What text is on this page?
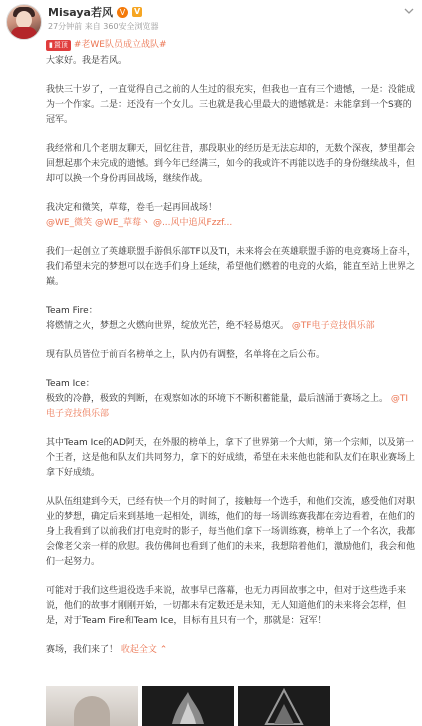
Misaya若风 V	V
27分钟前 来自 360安全浏览器
▮ 置顶 #老WE队员成立战队#

大家好。我是若风。

我快三十岁了，一直觉得自己之前的人生过的很充实，但我也一直有三个遗憾，一是：没能成为一个作家。二是：还没有一个女儿。三也就是我心里最大的遗憾就是：未能拿到一个S赛的冠军。

我经常和几个老朋友聊天，回忆往昔，那段职业的经历是无法忘却的，无数个深夜，梦里都会回想起那个未完成的遗憾。到今年已经满三，如今的我或许不再能以选手的身份继续战斗，但却可以换一个身份再回战场，继续作战。

我决定和微笑，草莓，卷毛一起再回战场！
@WE_微笑 @WE_草莓丶 @...风中追风Fzzf...

我们一起创立了英雄联盟手游俱乐部TF以及TI，未来将会在英雄联盟手游的电竞赛场上奋斗，我们希望未完的梦想可以在选手们身上延续，希望他们燃着的电竞的火焰，能直至站上世界之巅。

Team Fire：
将燃情之火，梦想之火燃向世界，绽放光芒，绝不轻易熄灭。 @TF电子竞技俱乐部

现有队员皆位于前百名榜单之上，队内仍有调整，名单将在之后公布。

Team Ice：
极致的冷静，极致的判断，在观察如冰的环境下不断积蓄能量，最后汹涌于赛场之上。 @TI电子竞技俱乐部

其中Team Ice的AD阿天，在外服的榜单上，拿下了世界第一个大师，第一个宗师，以及第一个王者，这是他和队友们共同努力，拿下的好成绩，希望在未来他也能和队友们在职业赛场上拿下好成绩。

从队伍组建到今天，已经有快一个月的时间了，接触每一个选手，和他们交流，感受他们对职业的梦想，确定后来到基地一起相处，训练，他们的每一场训练赛我都在旁边看着，在他们的身上我看到了以前我们打电竞时的影子，每当他们拿下一场训练赛，榜单上了一个名次，我都会像老父亲一样的欣慰。我仿佛间也看到了他们的未来，我想陪着他们，激励他们，我会和他们一起努力。

可能对于我们这些退役选手来说，故事早已落幕，也无力再回故事之中，但对于这些选手来说，他们的故事才刚刚开始，一切都未有定数还是未知，无人知道他们的未来将会怎样，但是，对于Team Fire和Team Ice，目标有且只有一个，那就是：冠军！

赛场，我们来了！ 收起全文 ⌃
